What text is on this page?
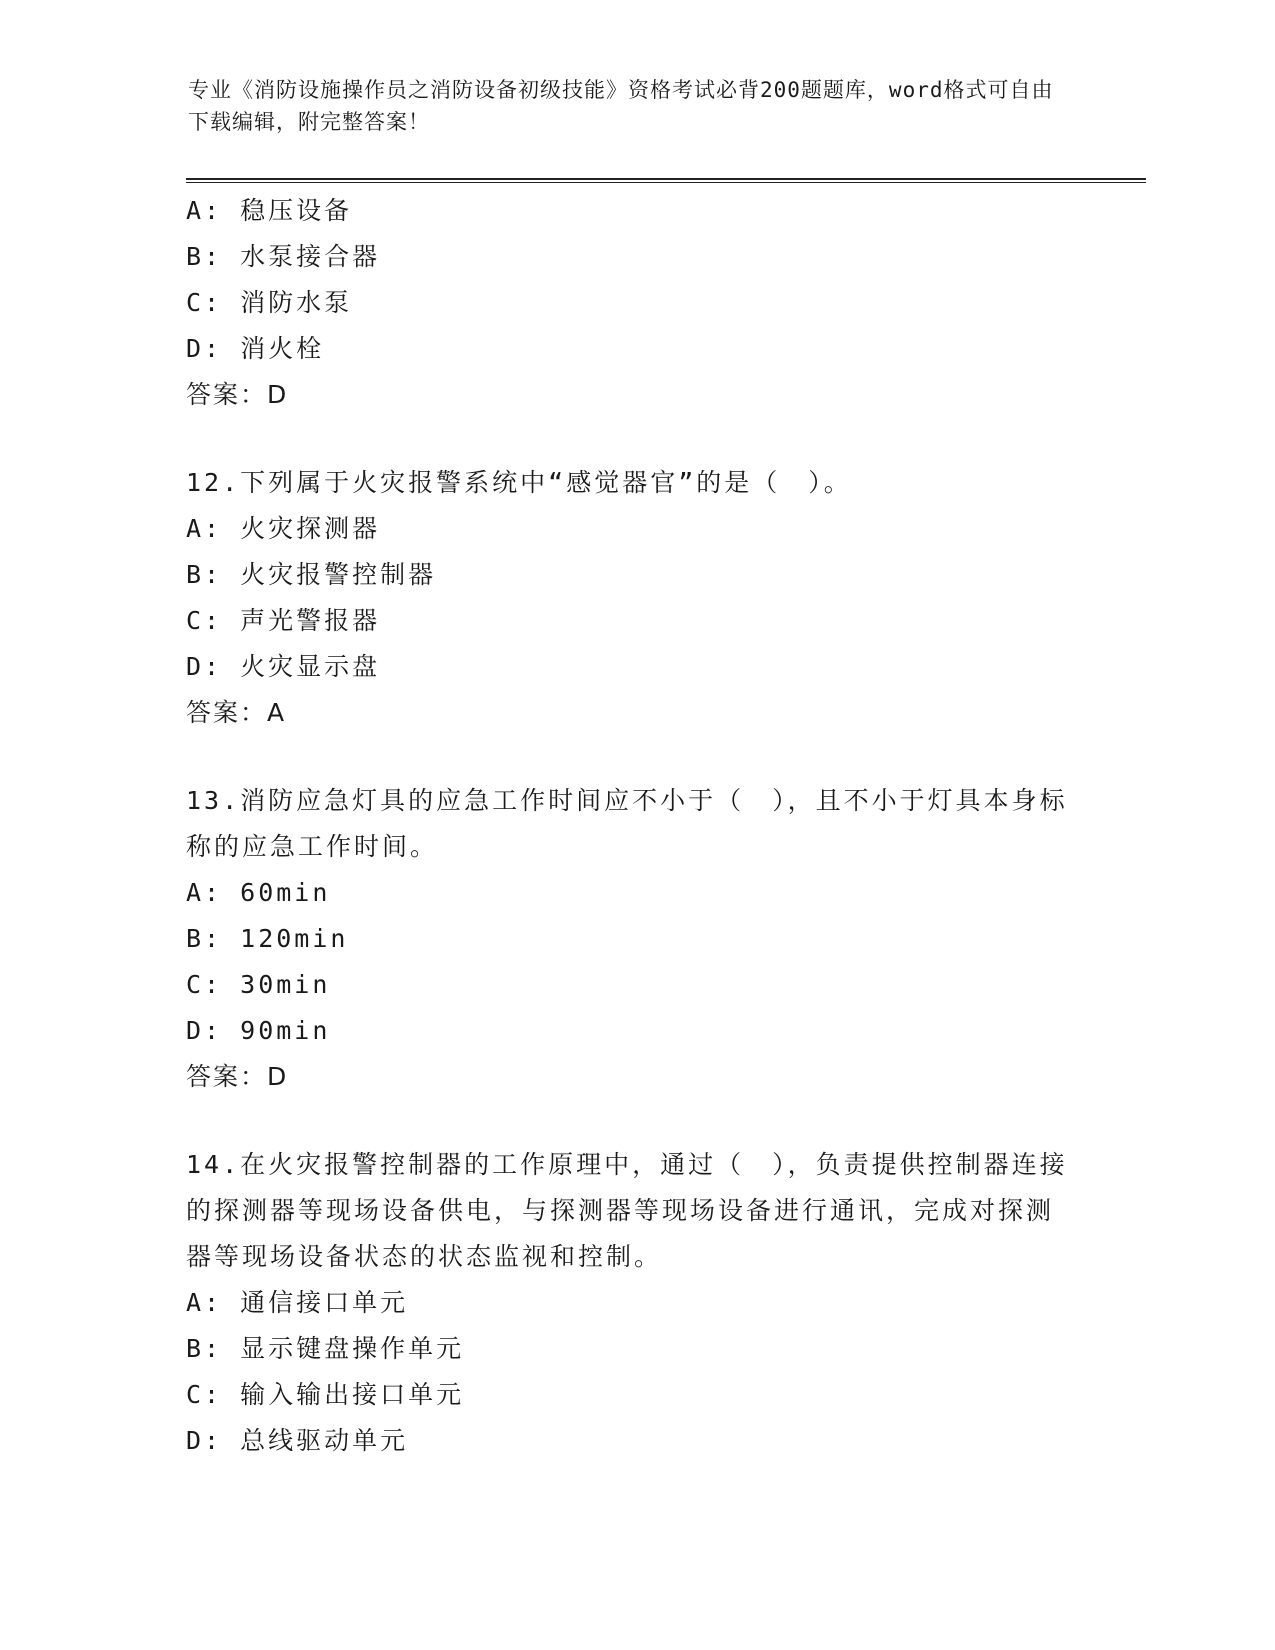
专业《消防设施操作员之消防设备初级技能》资格考试必背200题题库，word格式可自由下载编辑，附完整答案！
A: 稳压设备
B: 水泵接合器
C: 消防水泵
D: 消火栓
答案：D
12.下列属于火灾报警系统中“感觉器官”的是（　）。
A: 火灾探测器
B: 火灾报警控制器
C: 声光警报器
D: 火灾显示盘
答案：A
13.消防应急灯具的应急工作时间应不小于（　），且不小于灯具本身标称的应急工作时间。
A: 60min
B: 120min
C: 30min
D: 90min
答案：D
14.在火灾报警控制器的工作原理中，通过（　），负责提供控制器连接的探测器等现场设备供电，与探测器等现场设备进行通讯，完成对探测器等现场设备状态的状态监视和控制。
A: 通信接口单元
B: 显示键盘操作单元
C: 输入输出接口单元
D: 总线驱动单元
